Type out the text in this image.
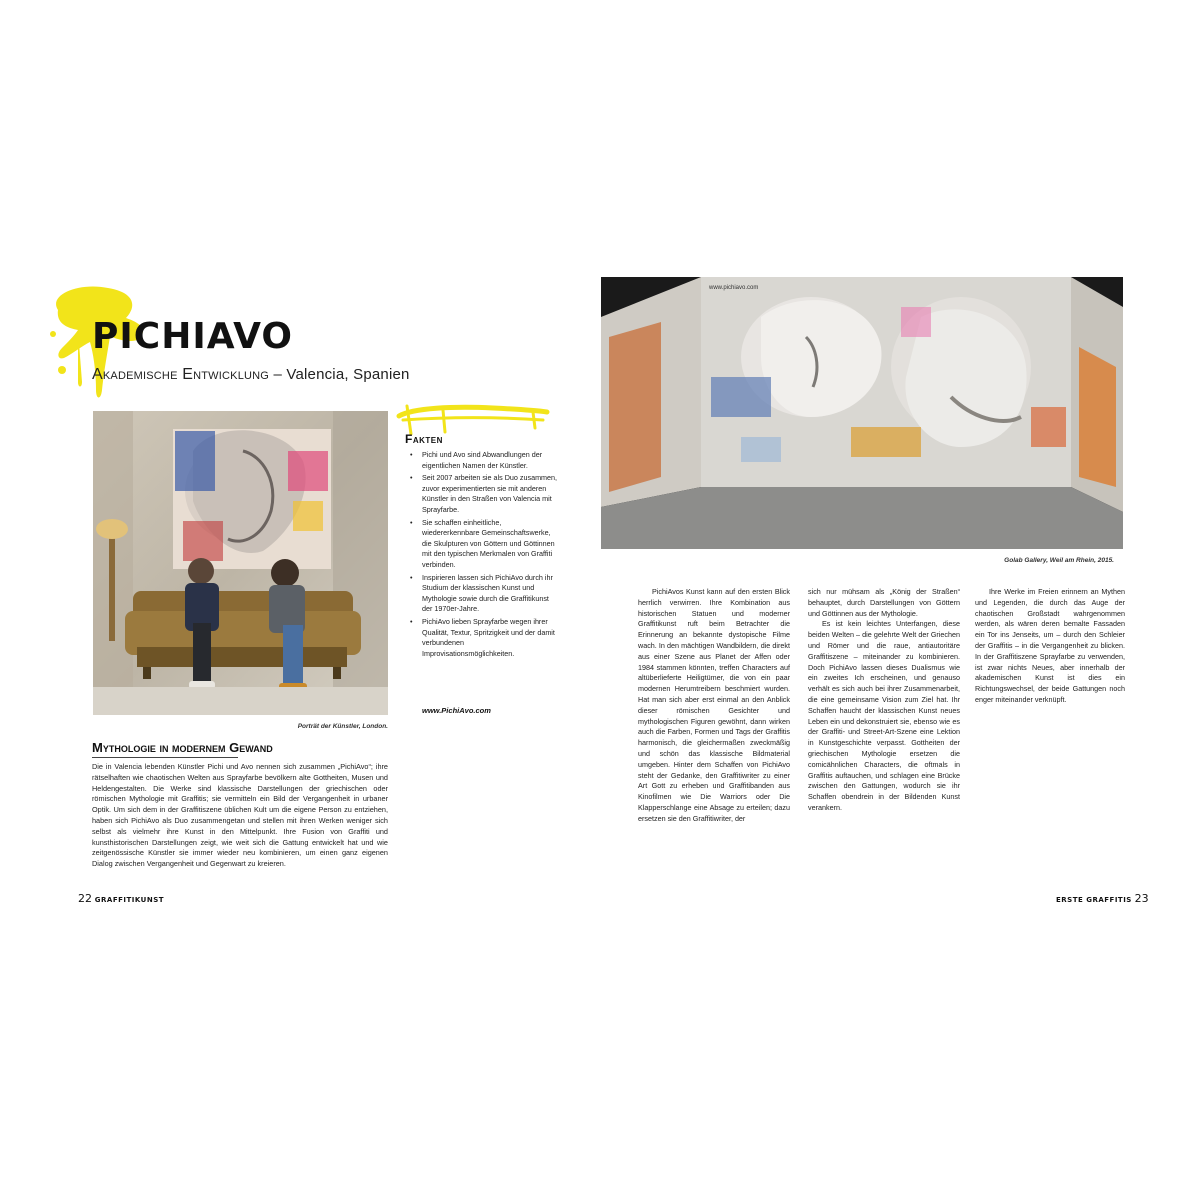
PICHIAVO
Akademische Entwicklung – Valencia, Spanien
Porträt der Künstler, London.
Fakten
• Pichi und Avo sind Abwandlungen der eigentlichen Namen der Künstler.
• Seit 2007 arbeiten sie als Duo zusammen, zuvor experimentierten sie mit anderen Künstler in den Straßen von Valencia mit Sprayfarbe.
• Sie schaffen einheitliche, wiedererkennbare Gemeinschaftswerke, die Skulpturen von Göttern und Göttinnen mit den typischen Merkmalen von Graffiti verbinden.
• Inspirieren lassen sich PichiAvo durch ihr Studium der klassischen Kunst und Mythologie sowie durch die Graffitikunst der 1970er-Jahre.
• PichiAvo lieben Sprayfarbe wegen ihrer Qualität, Textur, Spritzigkeit und der damit verbundenen Improvisationsmöglichkeiten.
www.PichiAvo.com
Mythologie in modernem Gewand

Die in Valencia lebenden Künstler Pichi und Avo nennen sich zusammen „PichiAvo“; ihre rätselhaften wie chaotischen Welten aus Sprayfarbe bevölkern alte Gottheiten, Musen und Heldengestalten. Die Werke sind klassische Darstellungen der griechischen oder römischen Mythologie mit Graffitis; sie vermitteln ein Bild der Vergangenheit in urbaner Optik. Um sich dem in der Graffitiszene üblichen Kult um die eigene Person zu entziehen, haben sich PichiAvo als Duo zusammengetan und stellen mit ihren Werken weniger sich selbst als vielmehr ihre Kunst in den Mittelpunkt. Ihre Fusion von Graffiti und kunsthistorischen Darstellungen zeigt, wie weit sich die Gattung entwickelt hat und wie zeitgenössische Künstler sie immer wieder neu kombinieren, um einen ganz eigenen Dialog zwischen Vergangenheit und Gegenwart zu kreieren.

22 GRAFFITIKUNST
www.pichiavo.com
Golab Gallery, Weil am Rhein, 2015.

PichiAvos Kunst kann auf den ersten Blick herrlich verwirren. Ihre Kombination aus historischen Statuen und moderner Graffitikunst ruft beim Betrachter die Erinnerung an bekannte dystopische Filme wach. In den mächtigen Wandbildern, die direkt aus einer Szene aus Planet der Affen oder 1984 stammen könnten, treffen Characters auf altüberlieferte Heiligtümer, die von ein paar modernen Herumtreibern beschmiert wurden. Hat man sich aber erst einmal an den Anblick dieser römischen Gesichter und mythologischen Figuren gewöhnt, dann wirken auch die Farben, Formen und Tags der Graffitis harmonisch, die gleichermaßen zweckmäßig und schön das klassische Bildmaterial umgeben. Hinter dem Schaffen von PichiAvo steht der Gedanke, den Graffitiwriter zu einer Art Gott zu erheben und Graffitibanden aus Kinofilmen wie Die Warriors oder Die Klapperschlange eine Absage zu erteilen; dazu ersetzen sie den Graffitiwriter, der

sich nur mühsam als „König der Straßen“ behauptet, durch Darstellungen von Göttern und Göttinnen aus der Mythologie.

Es ist kein leichtes Unterfangen, diese beiden Welten – die gelehrte Welt der Griechen und Römer und die raue, antiautoritäre Graffitiszene – miteinander zu kombinieren. Doch PichiAvo lassen dieses Dualismus wie ein zweites Ich erscheinen, und genauso verhält es sich auch bei ihrer Zusammenarbeit, die eine gemeinsame Vision zum Ziel hat. Ihr Schaffen haucht der klassischen Kunst neues Leben ein und dekonstruiert sie, ebenso wie es der Graffiti- und Street-Art-Szene eine Lektion in Kunstgeschichte verpasst. Gottheiten der griechischen Mythologie ersetzen die comicähnlichen Characters, die oftmals in Graffitis auftauchen, und schlagen eine Brücke zwischen den Gattungen, wodurch sie ihr Schaffen obendrein in der Bildenden Kunst verankern.

Ihre Werke im Freien erinnern an Mythen und Legenden, die durch das Auge der chaotischen Großstadt wahrgenommen werden, als wären deren bemalte Fassaden ein Tor ins Jenseits, um – durch den Schleier der Graffitis – in die Vergangenheit zu blicken. In der Graffitiszene Sprayfarbe zu verwenden, ist zwar nichts Neues, aber innerhalb der akademischen Kunst ist dies ein Richtungswechsel, der beide Gattungen noch enger miteinander verknüpft.

ERSTE GRAFFITIS 23
